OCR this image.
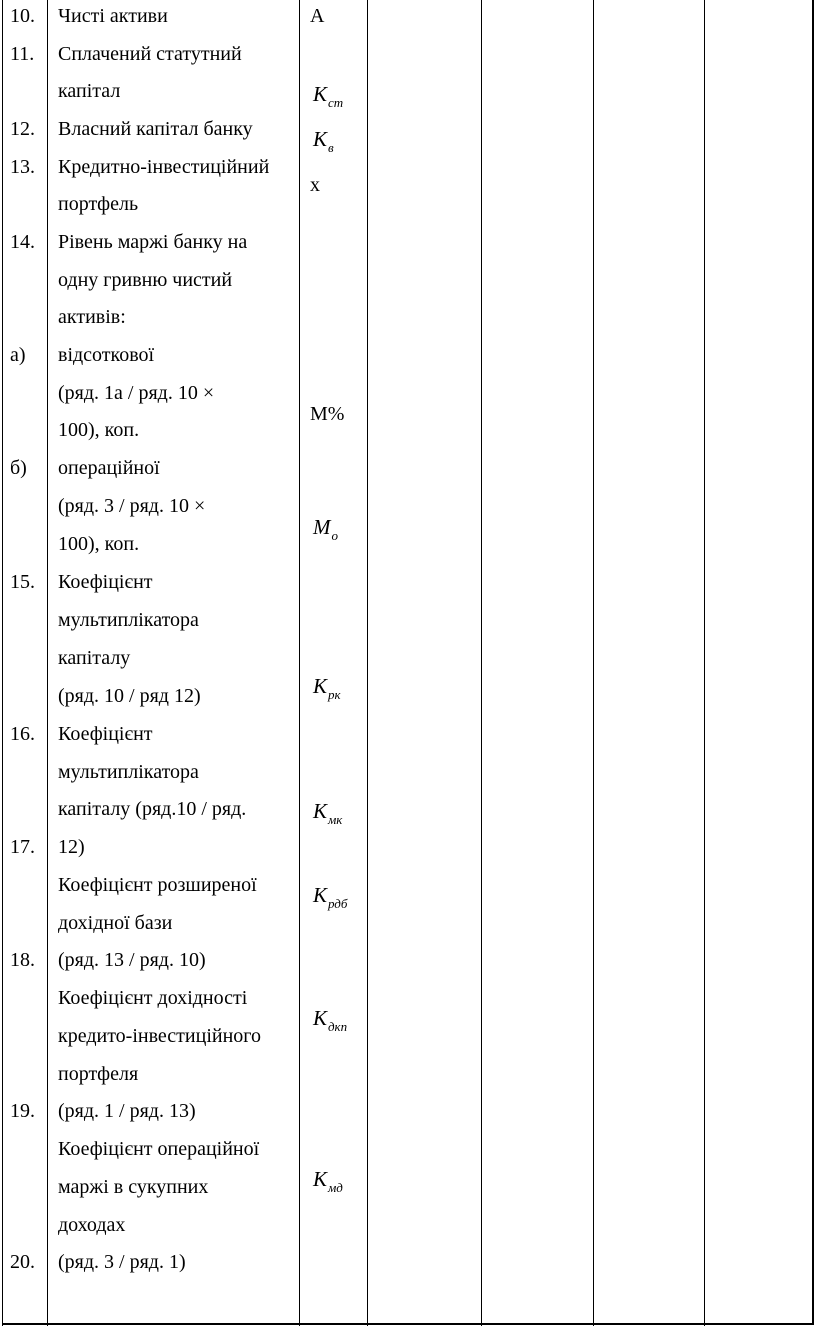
10.
11.
12.
13.
14.
а)
б)
15.
16.
17.
18.
19.
20.
Чисті активи
Сплачений статутний
капітал
Власний капітал банку
Кредитно-інвестиційний
портфель
Рівень маржі банку на
одну гривню чистий
активів:
відсоткової
(ряд. 1а / ряд. 10 ×
100), коп.
операційної
(ряд. 3 / ряд. 10 ×
100), коп.
Коефіцієнт
мультиплікатора
капіталу
(ряд. 10 / ряд 12)
Коефіцієнт
мультиплікатора
капіталу (ряд.10 / ряд.
12)
Коефіцієнт розширеної
дохідної бази
(ряд. 13 / ряд. 10)
Коефіцієнт дохідності
кредито-інвестиційного
портфеля
(ряд. 1 / ряд. 13)
Коефіцієнт операційної
маржі в сукупних
доходах
(ряд. 3 / ряд. 1)
А
$К_{ст}$
$К_в$
х
М%
$М_о$
$К_{рк}$
$К_{мк}$
$К_{рдб}$
$К_{дкп}$
$К_{мд}$
